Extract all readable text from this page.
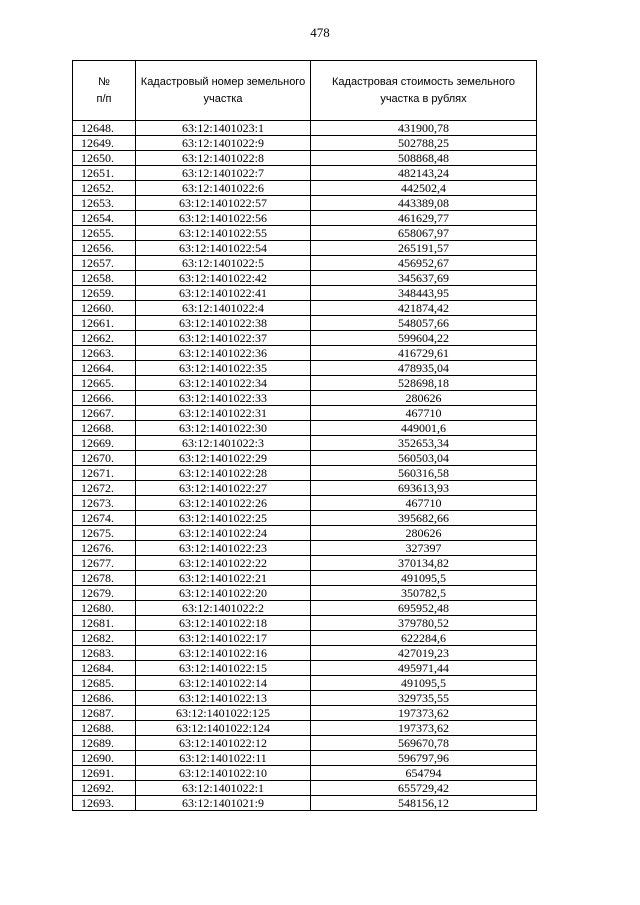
478
№
п/п	Кадастровый номер земельного участка	Кадастровая стоимость земельного участка в рублях
12648.	63:12:1401023:1	431900,78
12649.	63:12:1401022:9	502788,25
12650.	63:12:1401022:8	508868,48
12651.	63:12:1401022:7	482143,24
12652.	63:12:1401022:6	442502,4
12653.	63:12:1401022:57	443389,08
12654.	63:12:1401022:56	461629,77
12655.	63:12:1401022:55	658067,97
12656.	63:12:1401022:54	265191,57
12657.	63:12:1401022:5	456952,67
12658.	63:12:1401022:42	345637,69
12659.	63:12:1401022:41	348443,95
12660.	63:12:1401022:4	421874,42
12661.	63:12:1401022:38	548057,66
12662.	63:12:1401022:37	599604,22
12663.	63:12:1401022:36	416729,61
12664.	63:12:1401022:35	478935,04
12665.	63:12:1401022:34	528698,18
12666.	63:12:1401022:33	280626
12667.	63:12:1401022:31	467710
12668.	63:12:1401022:30	449001,6
12669.	63:12:1401022:3	352653,34
12670.	63:12:1401022:29	560503,04
12671.	63:12:1401022:28	560316,58
12672.	63:12:1401022:27	693613,93
12673.	63:12:1401022:26	467710
12674.	63:12:1401022:25	395682,66
12675.	63:12:1401022:24	280626
12676.	63:12:1401022:23	327397
12677.	63:12:1401022:22	370134,82
12678.	63:12:1401022:21	491095,5
12679.	63:12:1401022:20	350782,5
12680.	63:12:1401022:2	695952,48
12681.	63:12:1401022:18	379780,52
12682.	63:12:1401022:17	622284,6
12683.	63:12:1401022:16	427019,23
12684.	63:12:1401022:15	495971,44
12685.	63:12:1401022:14	491095,5
12686.	63:12:1401022:13	329735,55
12687.	63:12:1401022:125	197373,62
12688.	63:12:1401022:124	197373,62
12689.	63:12:1401022:12	569670,78
12690.	63:12:1401022:11	596797,96
12691.	63:12:1401022:10	654794
12692.	63:12:1401022:1	655729,42
12693.	63:12:1401021:9	548156,12
